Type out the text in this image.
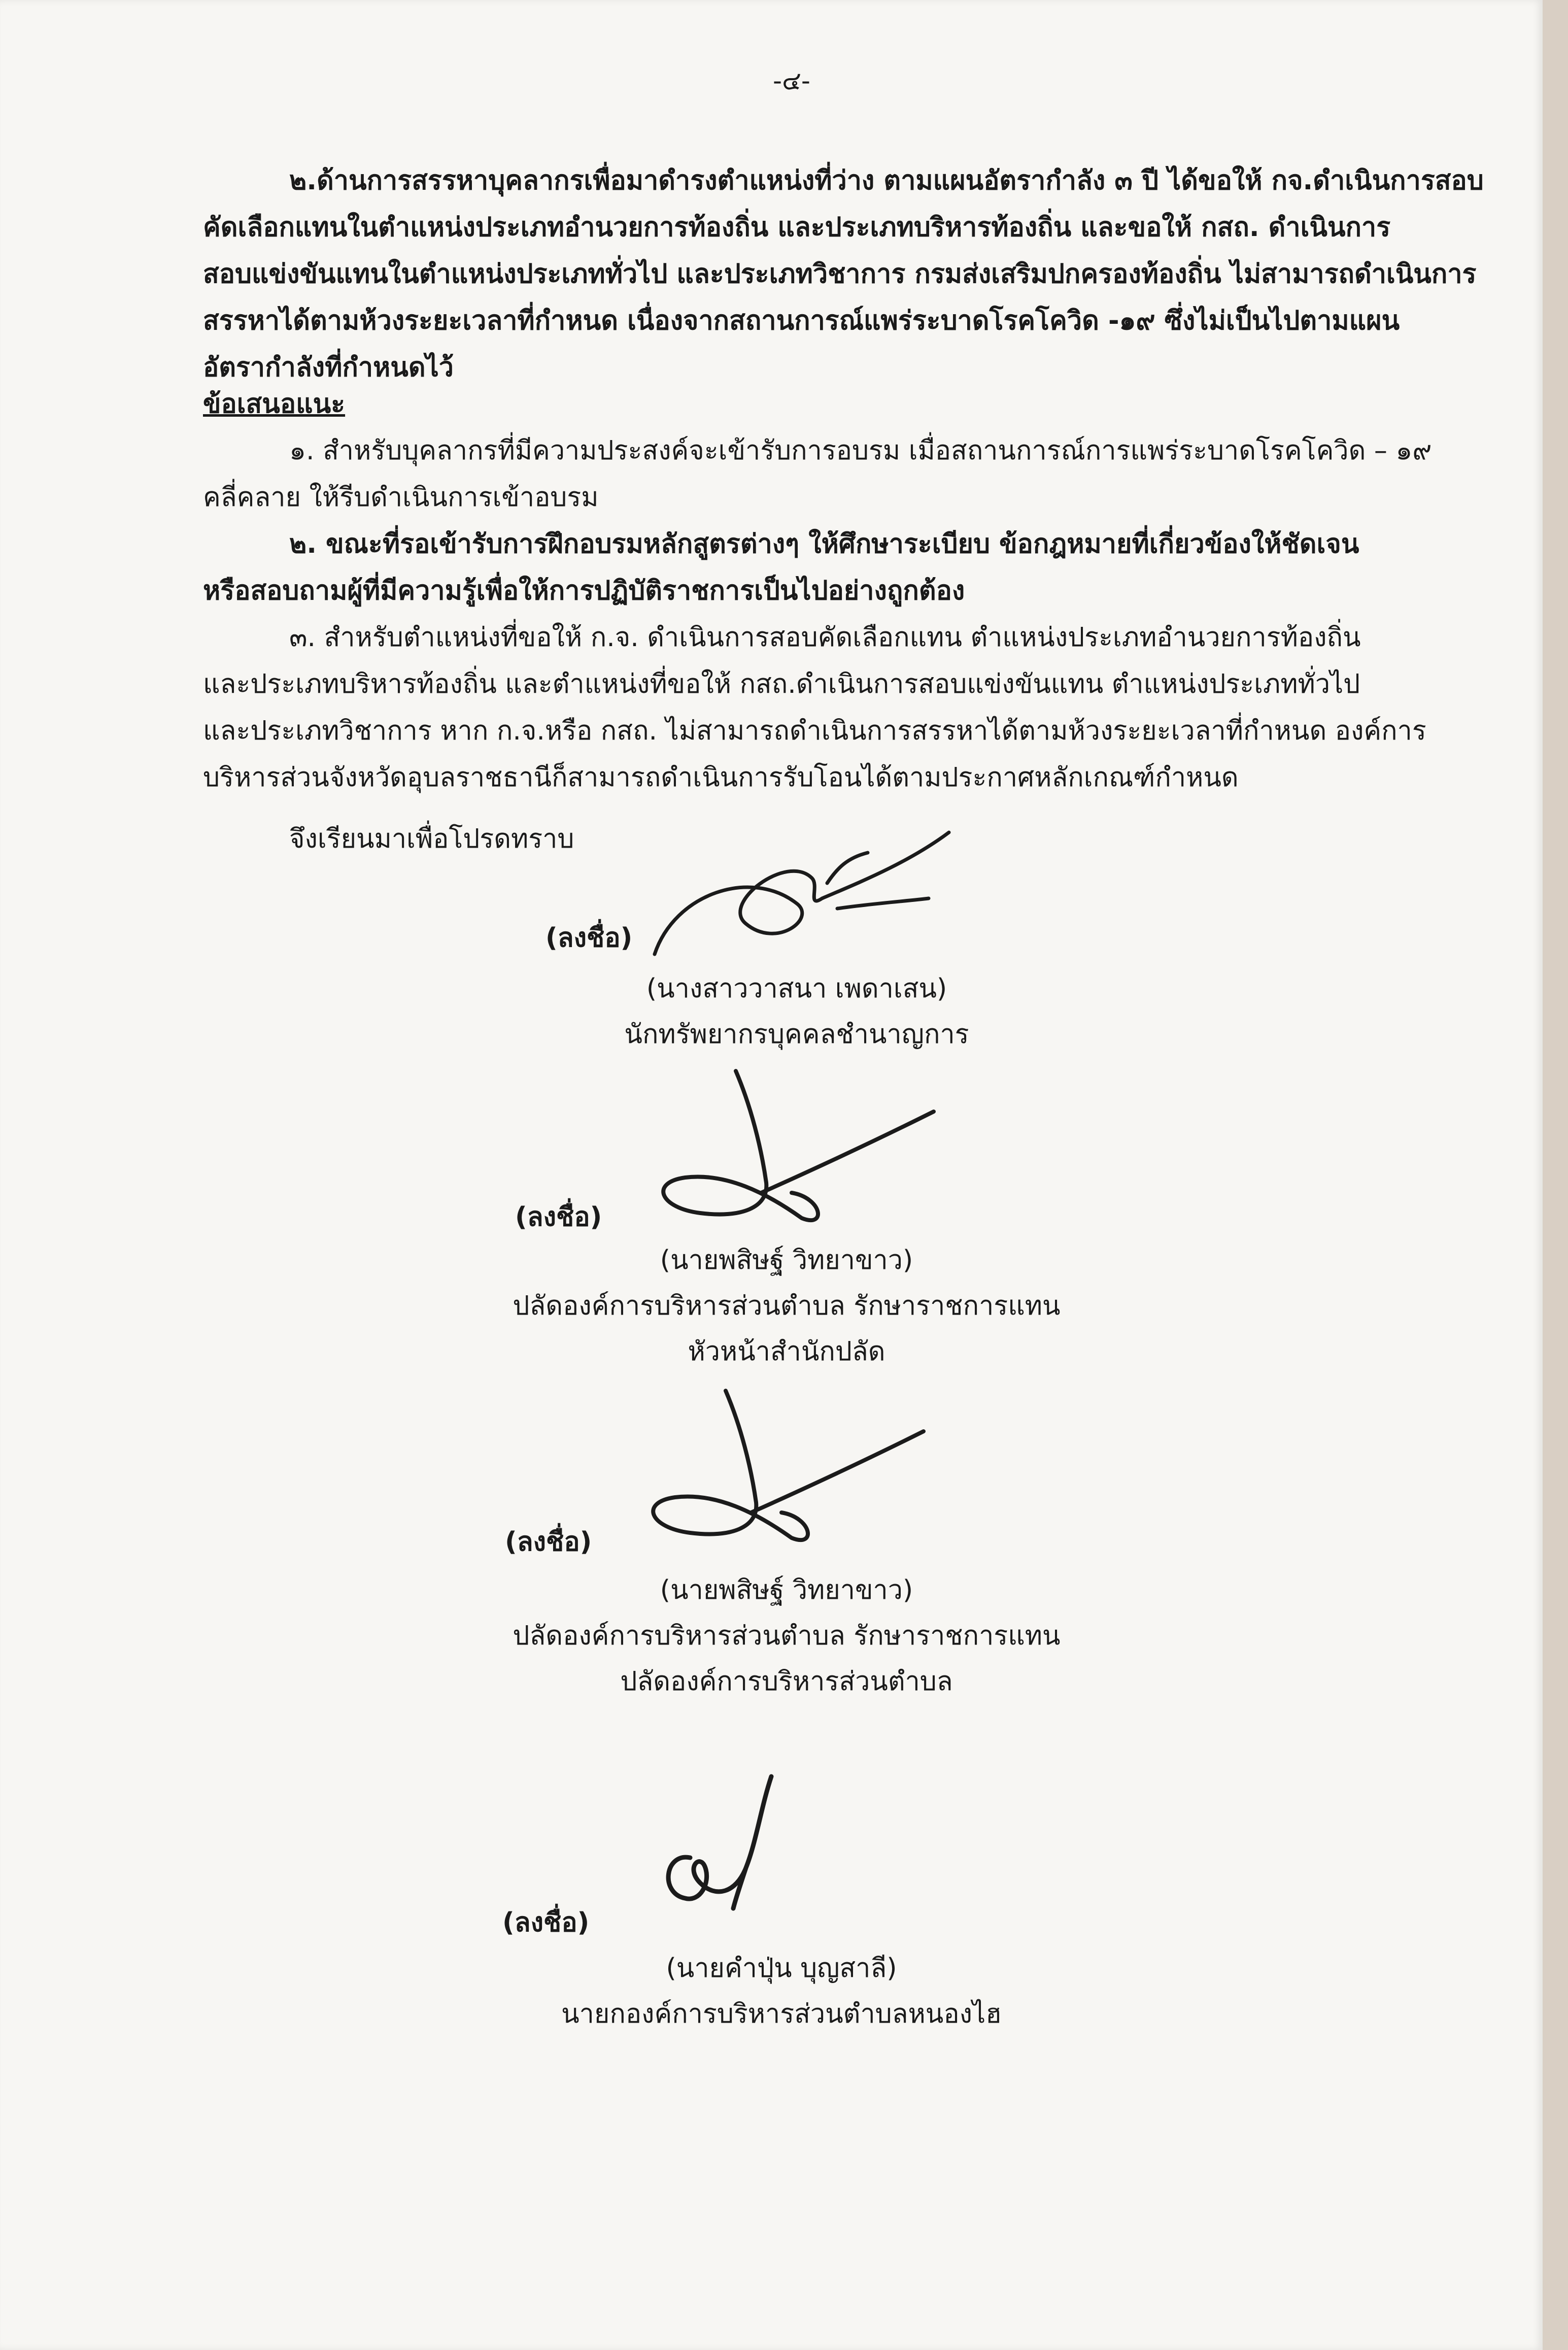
-๔-
๒.ด้านการสรรหาบุคลากรเพื่อมาดำรงตำแหน่งที่ว่าง ตามแผนอัตรากำลัง ๓ ปี ได้ขอให้ กจ.ดำเนินการสอบ
คัดเลือกแทนในตำแหน่งประเภทอำนวยการท้องถิ่น และประเภทบริหารท้องถิ่น และขอให้ กสถ. ดำเนินการ
สอบแข่งขันแทนในตำแหน่งประเภททั่วไป และประเภทวิชาการ กรมส่งเสริมปกครองท้องถิ่น ไม่สามารถดำเนินการ
สรรหาได้ตามห้วงระยะเวลาที่กำหนด เนื่องจากสถานการณ์แพร่ระบาดโรคโควิด -๑๙ ซึ่งไม่เป็นไปตามแผน
อัตรากำลังที่กำหนดไว้
ข้อเสนอแนะ
๑. สำหรับบุคลากรที่มีความประสงค์จะเข้ารับการอบรม เมื่อสถานการณ์การแพร่ระบาดโรคโควิด – ๑๙
คลี่คลาย ให้รีบดำเนินการเข้าอบรม
๒. ขณะที่รอเข้ารับการฝึกอบรมหลักสูตรต่างๆ ให้ศึกษาระเบียบ ข้อกฎหมายที่เกี่ยวข้องให้ชัดเจน
หรือสอบถามผู้ที่มีความรู้เพื่อให้การปฏิบัติราชการเป็นไปอย่างถูกต้อง
๓. สำหรับตำแหน่งที่ขอให้ ก.จ. ดำเนินการสอบคัดเลือกแทน ตำแหน่งประเภทอำนวยการท้องถิ่น
และประเภทบริหารท้องถิ่น และตำแหน่งที่ขอให้ กสถ.ดำเนินการสอบแข่งขันแทน ตำแหน่งประเภททั่วไป
และประเภทวิชาการ หาก ก.จ.หรือ กสถ. ไม่สามารถดำเนินการสรรหาได้ตามห้วงระยะเวลาที่กำหนด องค์การ
บริหารส่วนจังหวัดอุบลราชธานีก็สามารถดำเนินการรับโอนได้ตามประกาศหลักเกณฑ์กำหนด
จึงเรียนมาเพื่อโปรดทราบ
(ลงชื่อ)
(นางสาววาสนา เพดาเสน)
นักทรัพยากรบุคคลชำนาญการ
(ลงชื่อ)
(นายพสิษฐ์ วิทยาขาว)
ปลัดองค์การบริหารส่วนตำบล รักษาราชการแทน
หัวหน้าสำนักปลัด
(ลงชื่อ)
(นายพสิษฐ์ วิทยาขาว)
ปลัดองค์การบริหารส่วนตำบล รักษาราชการแทน
ปลัดองค์การบริหารส่วนตำบล
(ลงชื่อ)
(นายคำปุ่น บุญสาลี)
นายกองค์การบริหารส่วนตำบลหนองไฮ
